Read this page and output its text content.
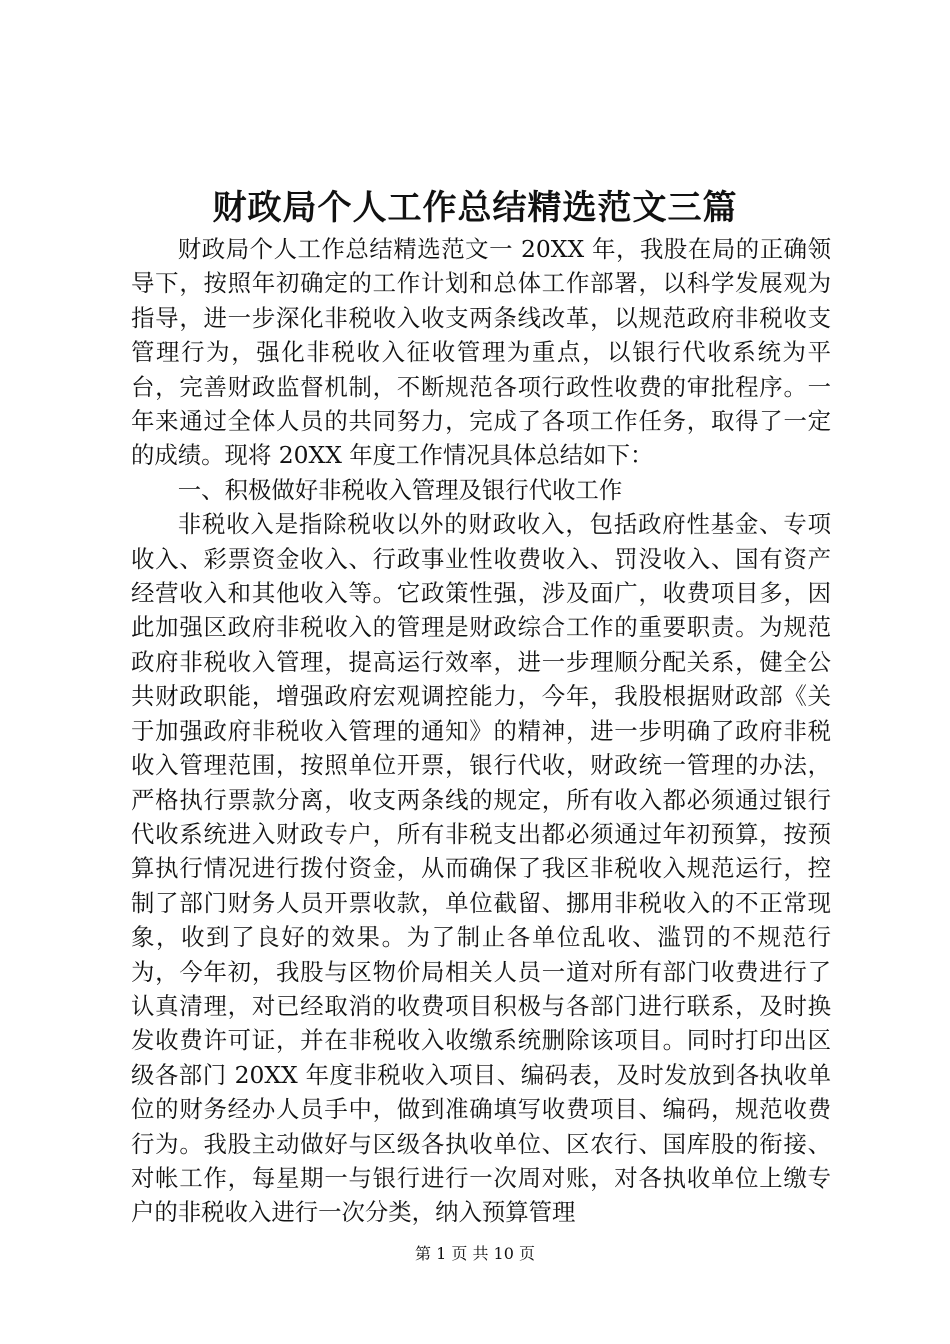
财政局个人工作总结精选范文三篇

财政局个人工作总结精选范文一 20XX 年，我股在局的正确领导下，按照年初确定的工作计划和总体工作部署，以科学发展观为指导，进一步深化非税收入收支两条线改革，以规范政府非税收支管理行为，强化非税收入征收管理为重点，以银行代收系统为平台，完善财政监督机制，不断规范各项行政性收费的审批程序。一年来通过全体人员的共同努力，完成了各项工作任务，取得了一定的成绩。现将 20XX 年度工作情况具体总结如下：

一、积极做好非税收入管理及银行代收工作

非税收入是指除税收以外的财政收入，包括政府性基金、专项收入、彩票资金收入、行政事业性收费收入、罚没收入、国有资产经营收入和其他收入等。它政策性强，涉及面广，收费项目多，因此加强区政府非税收入的管理是财政综合工作的重要职责。为规范政府非税收入管理，提高运行效率，进一步理顺分配关系，健全公共财政职能，增强政府宏观调控能力，今年，我股根据财政部《关于加强政府非税收入管理的通知》的精神，进一步明确了政府非税收入管理范围，按照单位开票，银行代收，财政统一管理的办法，严格执行票款分离，收支两条线的规定，所有收入都必须通过银行代收系统进入财政专户，所有非税支出都必须通过年初预算，按预算执行情况进行拨付资金，从而确保了我区非税收入规范运行，控制了部门财务人员开票收款，单位截留、挪用非税收入的不正常现象，收到了良好的效果。为了制止各单位乱收、滥罚的不规范行为，今年初，我股与区物价局相关人员一道对所有部门收费进行了认真清理，对已经取消的收费项目积极与各部门进行联系，及时换发收费许可证，并在非税收入收缴系统删除该项目。同时打印出区级各部门 20XX 年度非税收入项目、编码表，及时发放到各执收单位的财务经办人员手中，做到准确填写收费项目、编码，规范收费行为。我股主动做好与区级各执收单位、区农行、国库股的衔接、对帐工作，每星期一与银行进行一次周对账，对各执收单位上缴专户的非税收入进行一次分类，纳入预算管理

第 1 页 共 10 页
